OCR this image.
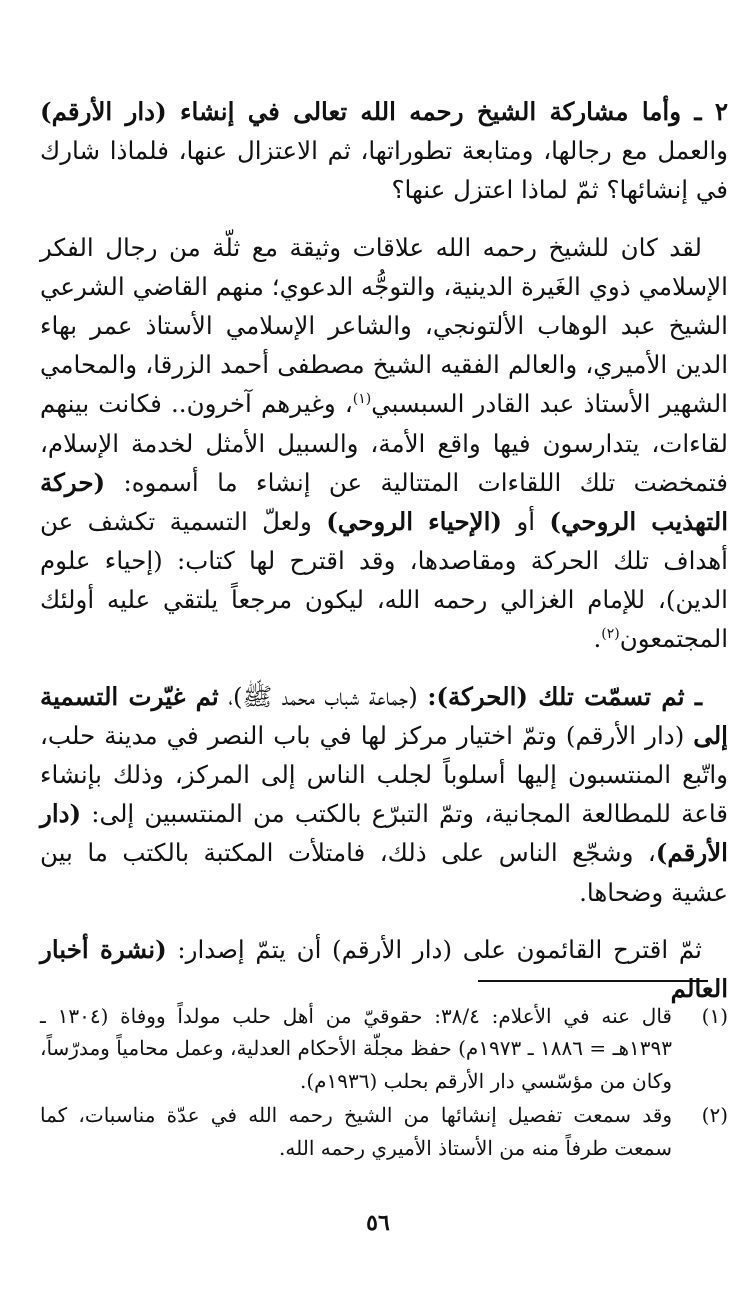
٢ ـ وأما مشاركة الشيخ رحمه الله تعالى في إنشاء (دار الأرقم) والعمل مع رجالها، ومتابعة تطوراتها، ثم الاعتزال عنها، فلماذا شارك في إنشائها؟ ثمّ لماذا اعتزل عنها؟

لقد كان للشيخ رحمه الله علاقات وثيقة مع ثلّة من رجال الفكر الإسلامي ذوي الغَيرة الدينية، والتوجُّه الدعوي؛ منهم القاضي الشرعي الشيخ عبد الوهاب الألتونجي، والشاعر الإسلامي الأستاذ عمر بهاء الدين الأميري، والعالم الفقيه الشيخ مصطفى أحمد الزرقا، والمحامي الشهير الأستاذ عبد القادر السبسبي$^{(١)}$، وغيرهم آخرون.. فكانت بينهم لقاءات، يتدارسون فيها واقع الأمة، والسبيل الأمثل لخدمة الإسلام، فتمخضت تلك اللقاءات المتتالية عن إنشاء ما أسموه: (حركة التهذيب الروحي) أو (الإحياء الروحي) ولعلّ التسمية تكشف عن أهداف تلك الحركة ومقاصدها، وقد اقترح لها كتاب: (إحياء علوم الدين)، للإمام الغزالي رحمه الله، ليكون مرجعاً يلتقي عليه أولئك المجتمعون$^{(٢)}$.

ـ ثم تسمّت تلك (الحركة): (جماعة شباب محمد ﷺ)، ثم غيّرت التسمية إلى (دار الأرقم) وتمّ اختيار مركز لها في باب النصر في مدينة حلب، واتّبع المنتسبون إليها أسلوباً لجلب الناس إلى المركز، وذلك بإنشاء قاعة للمطالعة المجانية، وتمّ التبرّع بالكتب من المنتسبين إلى: (دار الأرقم)، وشجّع الناس على ذلك، فامتلأت المكتبة بالكتب ما بين عشية وضحاها.

ثمّ اقترح القائمون على (دار الأرقم) أن يتمّ إصدار: (نشرة أخبار العالم

(١)
قال عنه في الأعلام: ٣٨/٤: حقوقيّ من أهل حلب مولداً ووفاة (١٣٠٤ ـ ١٣٩٣هـ = ١٨٨٦ ـ ١٩٧٣م) حفظ مجلّة الأحكام العدلية، وعمل محامياً ومدرّساً، وكان من مؤسّسي دار الأرقم بحلب (١٩٣٦م).
(٢)
وقد سمعت تفصيل إنشائها من الشيخ رحمه الله في عدّة مناسبات، كما سمعت طرفاً منه من الأستاذ الأميري رحمه الله.
٥٦
